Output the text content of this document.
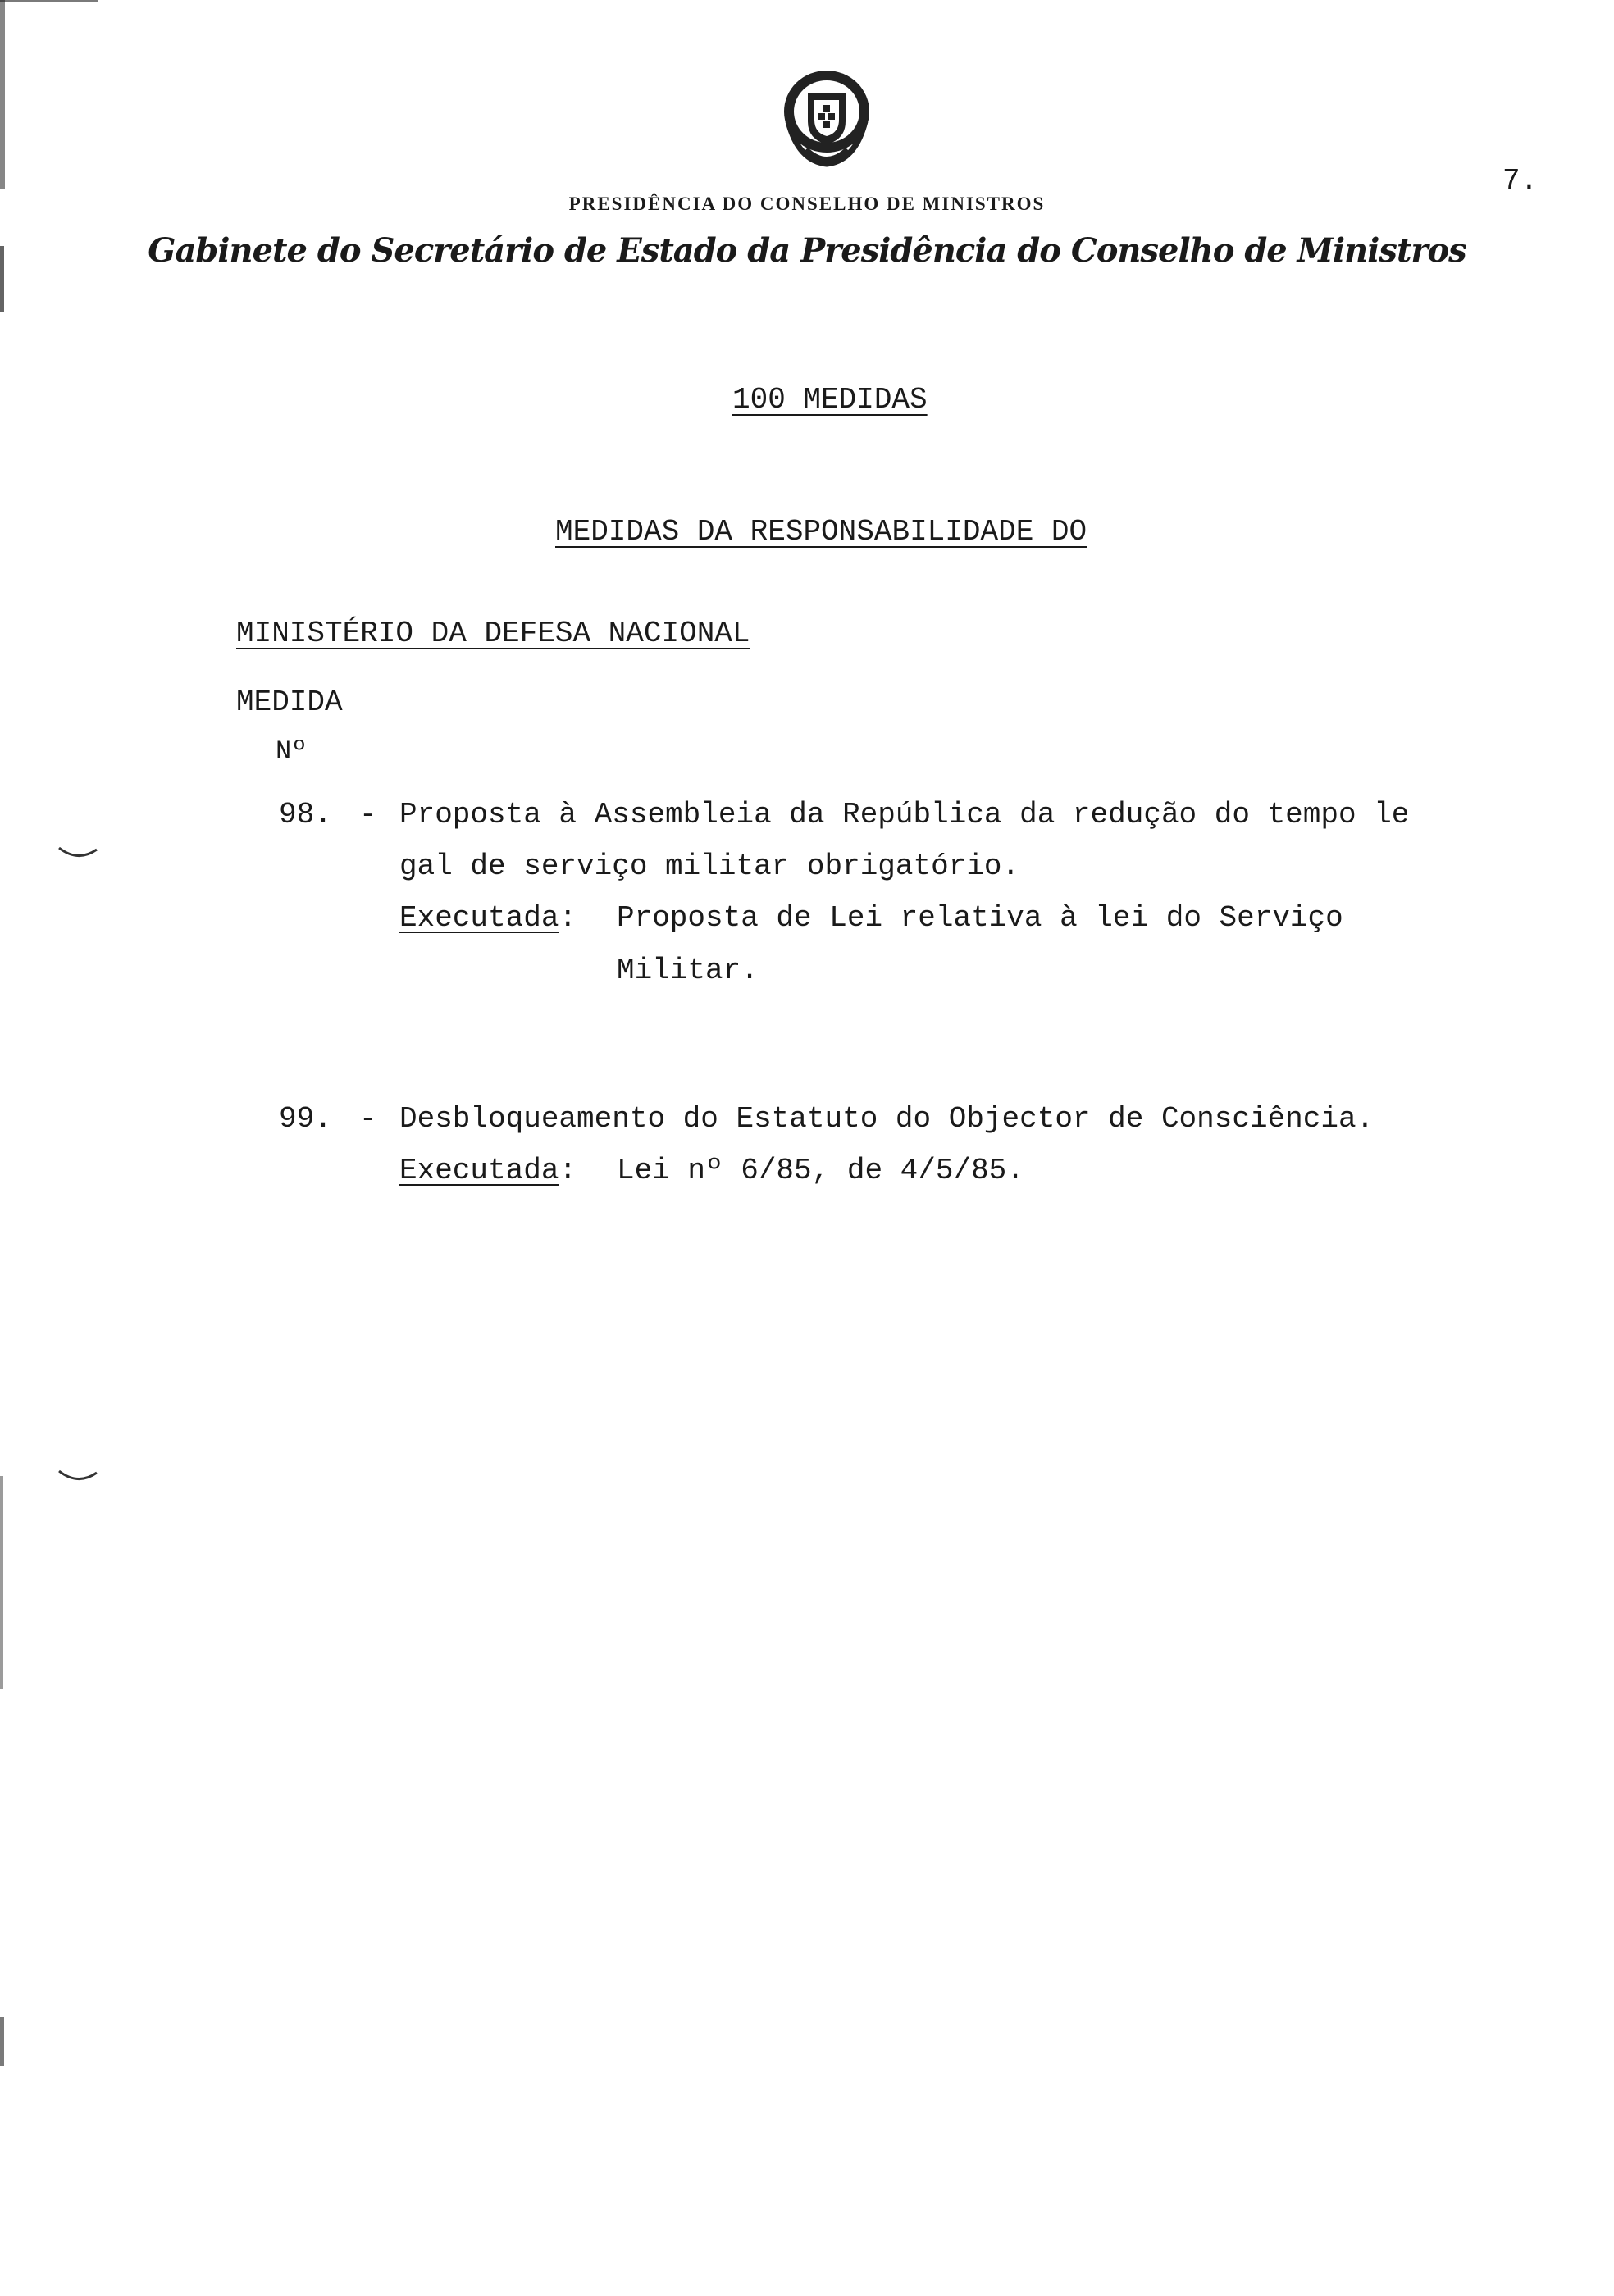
7.
PRESIDÊNCIA DO CONSELHO DE MINISTROS
Gabinete do Secretário de Estado da Presidência do Conselho de Ministros
100 MEDIDAS
MEDIDAS DA RESPONSABILIDADE DO
MINISTÉRIO DA DEFESA NACIONAL
MEDIDA
Nº
98. - Proposta à Assembleia da República da redução do tempo le
gal de serviço militar obrigatório.
Executada: Proposta de Lei relativa à lei do Serviço
Militar.
99. - Desbloqueamento do Estatuto do Objector de Consciência.
Executada: Lei nº 6/85, de 4/5/85.
